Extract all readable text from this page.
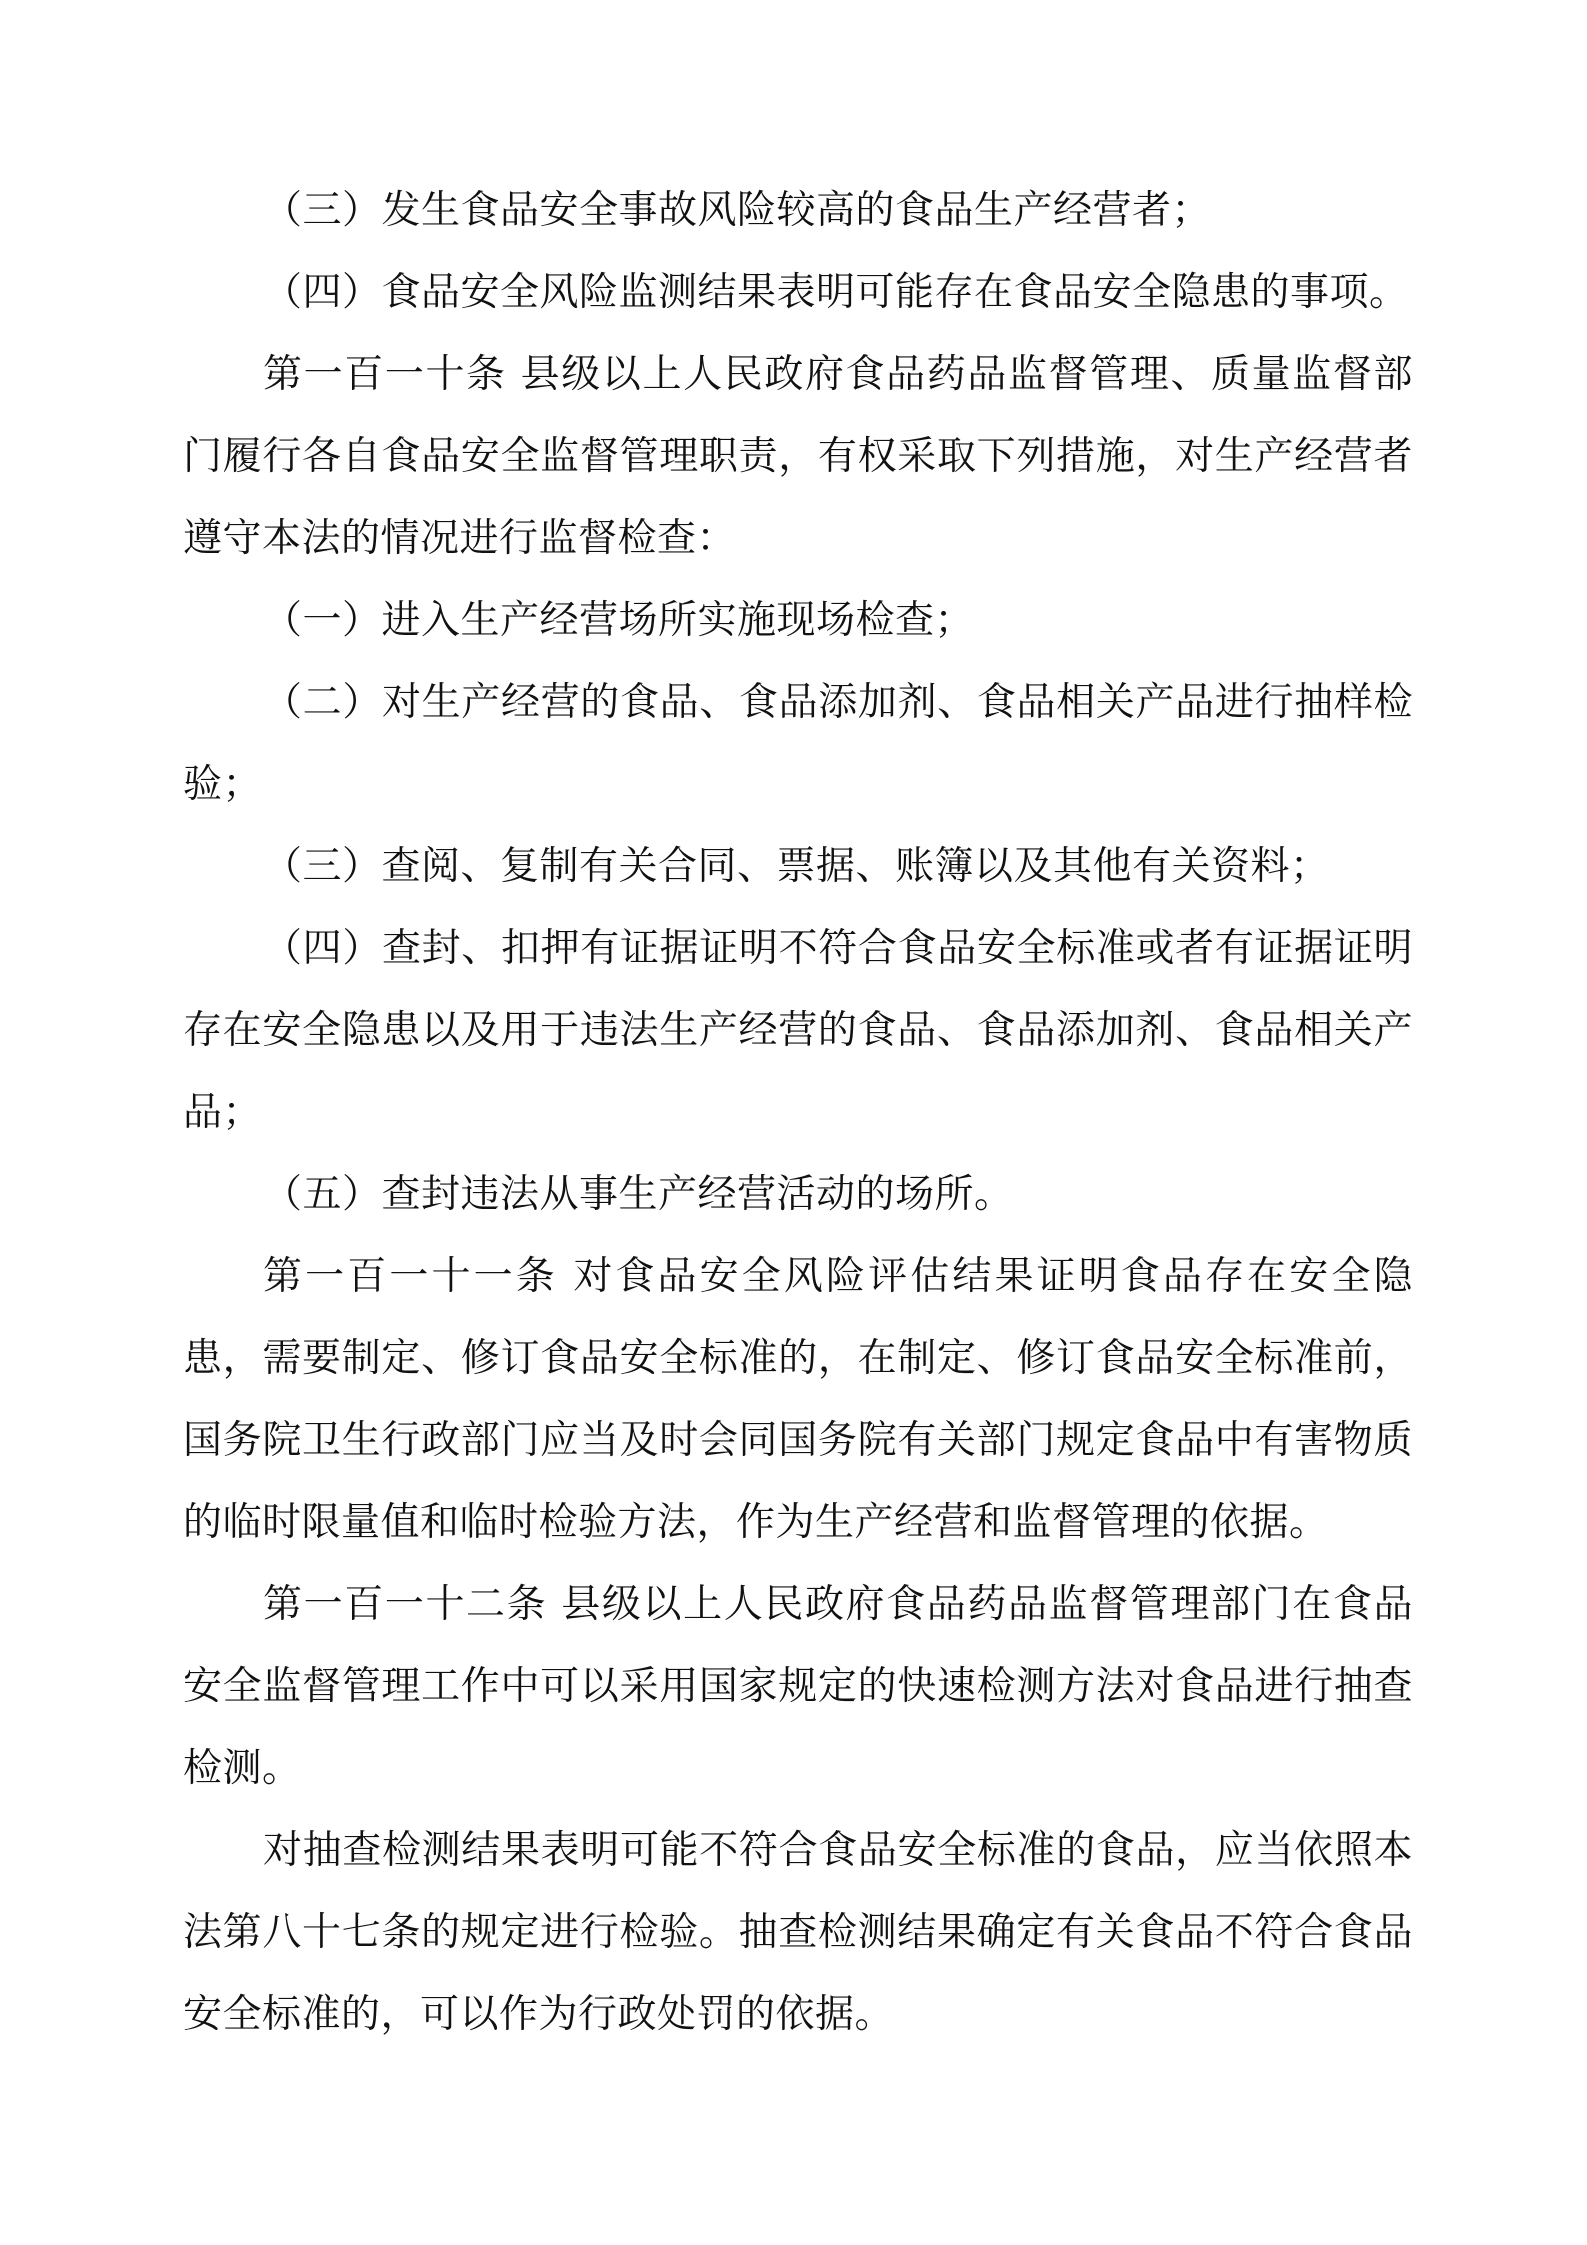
（三）发生食品安全事故风险较高的食品生产经营者；

（四）食品安全风险监测结果表明可能存在食品安全隐患的事项。

第一百一十条 县级以上人民政府食品药品监督管理、质量监督部门履行各自食品安全监督管理职责，有权采取下列措施，对生产经营者遵守本法的情况进行监督检查：

（一）进入生产经营场所实施现场检查；

（二）对生产经营的食品、食品添加剂、食品相关产品进行抽样检验；

（三）查阅、复制有关合同、票据、账簿以及其他有关资料；

（四）查封、扣押有证据证明不符合食品安全标准或者有证据证明存在安全隐患以及用于违法生产经营的食品、食品添加剂、食品相关产品；

（五）查封违法从事生产经营活动的场所。

第一百一十一条 对食品安全风险评估结果证明食品存在安全隐患，需要制定、修订食品安全标准的，在制定、修订食品安全标准前，国务院卫生行政部门应当及时会同国务院有关部门规定食品中有害物质的临时限量值和临时检验方法，作为生产经营和监督管理的依据。

第一百一十二条 县级以上人民政府食品药品监督管理部门在食品安全监督管理工作中可以采用国家规定的快速检测方法对食品进行抽查检测。

对抽查检测结果表明可能不符合食品安全标准的食品，应当依照本法第八十七条的规定进行检验。抽查检测结果确定有关食品不符合食品安全标准的，可以作为行政处罚的依据。
